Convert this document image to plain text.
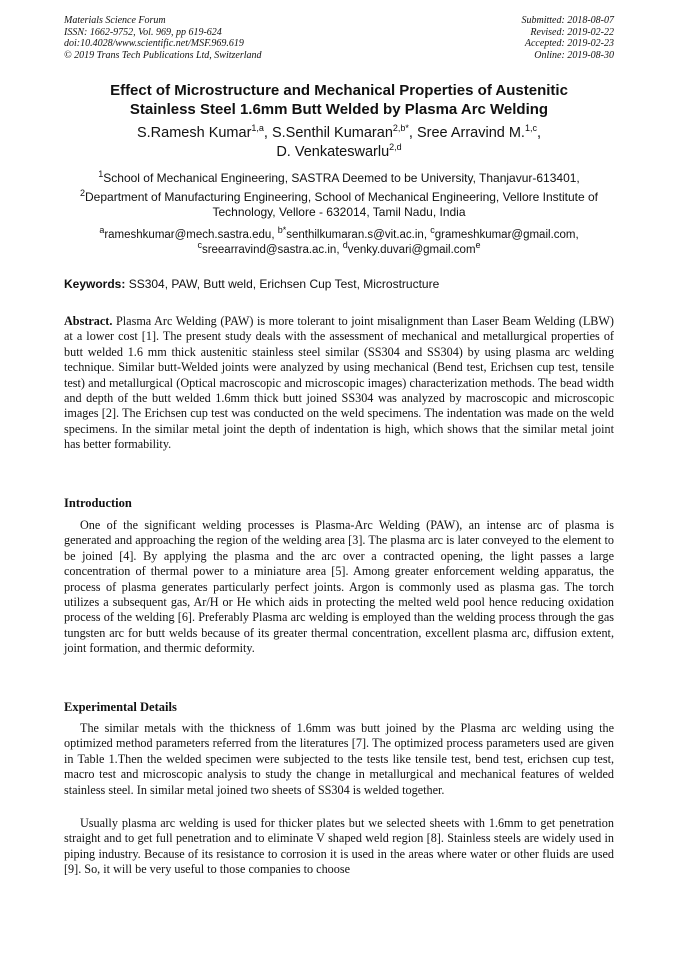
Materials Science Forum
ISSN: 1662-9752, Vol. 969, pp 619-624
doi:10.4028/www.scientific.net/MSF.969.619
© 2019 Trans Tech Publications Ltd, Switzerland
Submitted: 2018-08-07
Revised: 2019-02-22
Accepted: 2019-02-23
Online: 2019-08-30
Effect of Microstructure and Mechanical Properties of Austenitic
Stainless Steel 1.6mm Butt Welded by Plasma Arc Welding
S.Ramesh Kumar$^{1,a}$, S.Senthil Kumaran$^{2,b*}$, Sree Arravind M.$^{1,c}$,
D. Venkateswarlu$^{2,d}$
$^1$School of Mechanical Engineering, SASTRA Deemed to be University, Thanjavur-613401,
$^2$Department of Manufacturing Engineering, School of Mechanical Engineering, Vellore Institute of Technology, Vellore - 632014, Tamil Nadu, India
$^a$rameshkumar@mech.sastra.edu, $^{b*}$senthilkumaran.s@vit.ac.in, $^c$grameshkumar@gmail.com,
$^c$sreearravind@sastra.ac.in, $^d$venky.duvari@gmail.com$^e$
Keywords: SS304, PAW, Butt weld, Erichsen Cup Test, Microstructure
Abstract. Plasma Arc Welding (PAW) is more tolerant to joint misalignment than Laser Beam Welding (LBW) at a lower cost [1]. The present study deals with the assessment of mechanical and metallurgical properties of butt welded 1.6 mm thick austenitic stainless steel similar (SS304 and SS304) by using plasma arc welding technique. Similar butt-Welded joints were analyzed by using mechanical (Bend test, Erichsen cup test, tensile test) and metallurgical (Optical macroscopic and microscopic images) characterization methods. The bead width and depth of the butt welded 1.6mm thick butt joined SS304 was analyzed by macroscopic and microscopic images [2]. The Erichsen cup test was conducted on the weld specimens. The indentation was made on the weld specimens. In the similar metal joint the depth of indentation is high, which shows that the similar metal joint has better formability.
Introduction
One of the significant welding processes is Plasma-Arc Welding (PAW), an intense arc of plasma is generated and approaching the region of the welding area [3]. The plasma arc is later conveyed to the element to be joined [4]. By applying the plasma and the arc over a contracted opening, the light passes a large concentration of thermal power to a miniature area [5]. Among greater enforcement welding apparatus, the process of plasma generates particularly perfect joints. Argon is commonly used as plasma gas. The torch utilizes a subsequent gas, Ar/H or He which aids in protecting the melted weld pool hence reducing oxidation process of the welding [6]. Preferably Plasma arc welding is employed than the welding process through the gas tungsten arc for butt welds because of its greater thermal concentration, excellent plasma arc, diffusion extent, joint formation, and thermic deformity.
Experimental Details
The similar metals with the thickness of 1.6mm was butt joined by the Plasma arc welding using the optimized method parameters referred from the literatures [7]. The optimized process parameters used are given in Table 1.Then the welded specimen were subjected to the tests like tensile test, bend test, erichsen cup test, macro test and microscopic analysis to study the change in metallurgical and mechanical features of welded stainless steel. In similar metal joined two sheets of SS304 is welded together.
Usually plasma arc welding is used for thicker plates but we selected sheets with 1.6mm to get penetration straight and to get full penetration and to eliminate V shaped weld region [8]. Stainless steels are widely used in piping industry. Because of its resistance to corrosion it is used in the areas where water or other fluids are used [9]. So, it will be very useful to those companies to choose
